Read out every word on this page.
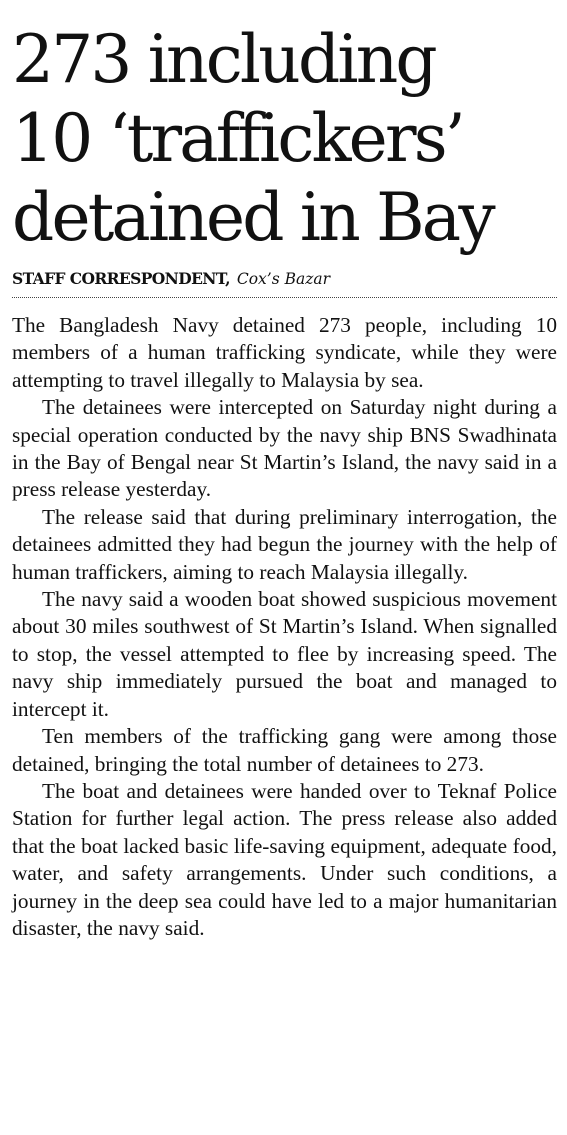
273 including
10 ‘traffickers’
detained in Bay
STAFF CORRESPONDENT, Cox’s Bazar

The Bangladesh Navy detained 273 people, including 10 members of a human trafficking syndicate, while they were attempting to travel illegally to Malaysia by sea.

The detainees were intercepted on Saturday night during a special operation conducted by the navy ship BNS Swadhinata in the Bay of Bengal near St Martin’s Island, the navy said in a press release yesterday.

The release said that during preliminary interrogation, the detainees admitted they had begun the journey with the help of human traffickers, aiming to reach Malaysia illegally.

The navy said a wooden boat showed suspicious movement about 30 miles southwest of St Martin’s Island. When signalled to stop, the vessel attempted to flee by increasing speed. The navy ship immediately pursued the boat and managed to intercept it.

Ten members of the trafficking gang were among those detained, bringing the total number of detainees to 273.

The boat and detainees were handed over to Teknaf Police Station for further legal action. The press release also added that the boat lacked basic life-saving equipment, adequate food, water, and safety arrangements. Under such conditions, a journey in the deep sea could have led to a major humanitarian disaster, the navy said.
